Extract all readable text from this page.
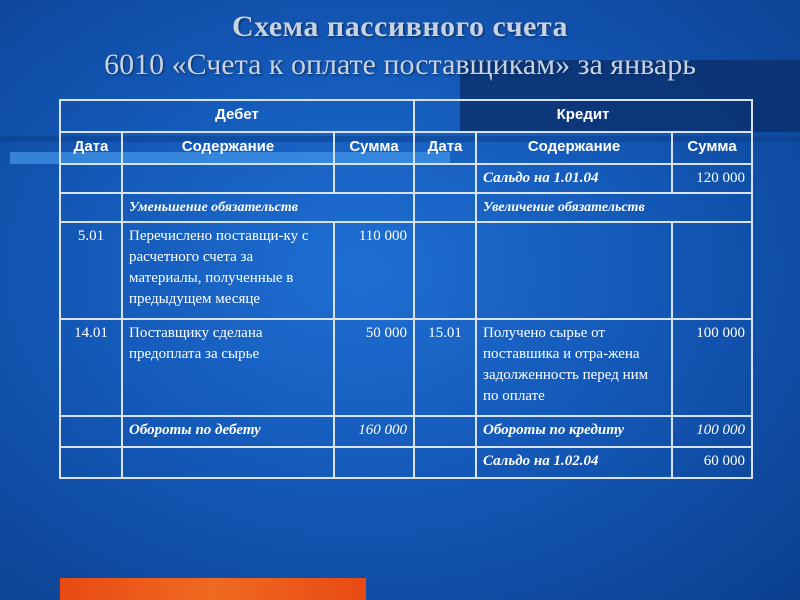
Схема пассивного счета
6010 «Счета к оплате поставщикам» за январь
Дебет			Кредит		
Дата	Содержание	Сумма	Дата	Содержание	Сумма
				Сальдо на 1.01.04	120 000
	Уменьшение обязательств			Увеличение обязательств	
5.01	Перечислено поставщи-ку с расчетного счета за материалы, полученные в предыдущем месяце	110 000			
14.01	Поставщику сделана предоплата за сырье	50 000	15.01	Получено сырье от поставшика и отра-жена задолженность перед ним по оплате	100 000
	Обороты по дебету	160 000		Обороты по кредиту	100 000
				Сальдо на 1.02.04	60 000
